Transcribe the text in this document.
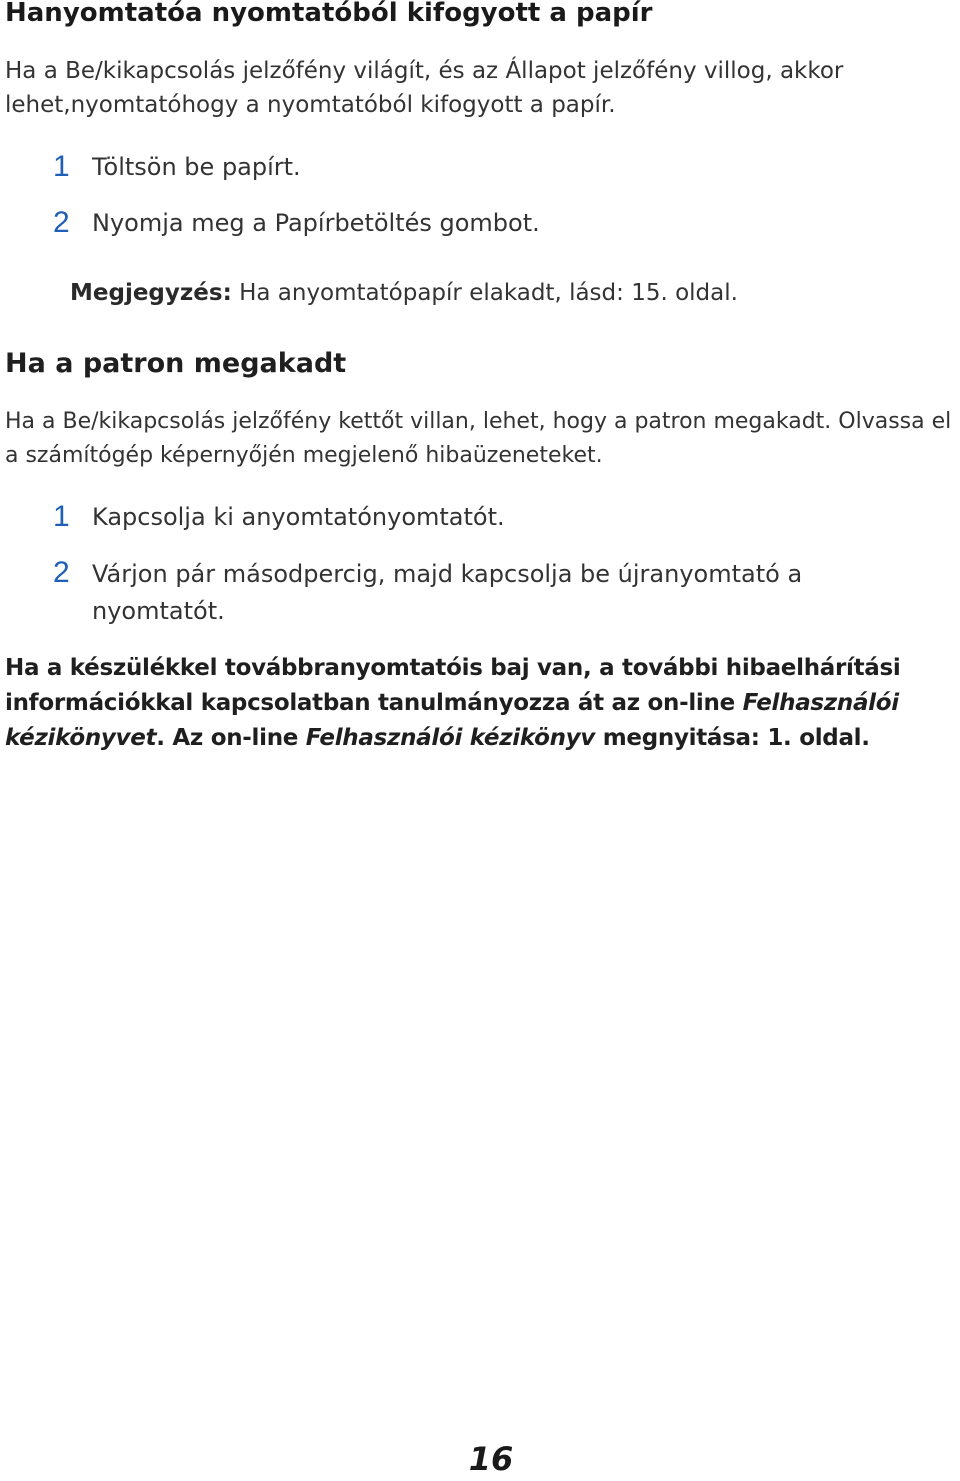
Hanyomtatóa nyomtatóból kifogyott a papír
Ha a Be/kikapcsolás jelzőfény világít, és az Állapot jelzőfény villog, akkor lehet,nyomtatóhogy a nyomtatóból kifogyott a papír.
1 Töltsön be papírt.
2 Nyomja meg a Papírbetöltés gombot.
Megjegyzés: Ha anyomtatópapír elakadt, lásd: 15. oldal.
Ha a patron megakadt
Ha a Be/kikapcsolás jelzőfény kettőt villan, lehet, hogy a patron megakadt. Olvassa el a számítógép képernyőjén megjelenő hibaüzeneteket.
1 Kapcsolja ki anyomtatónyomtatót.
2 Várjon pár másodpercig, majd kapcsolja be újranyomtató a nyomtatót.
Ha a készülékkel továbbranyomtatóis baj van, a további hibaelhárítási információkkal kapcsolatban tanulmányozza át az on-line Felhasználói kézikönyvet. Az on-line Felhasználói kézikönyv megnyitása: 1. oldal.
16
